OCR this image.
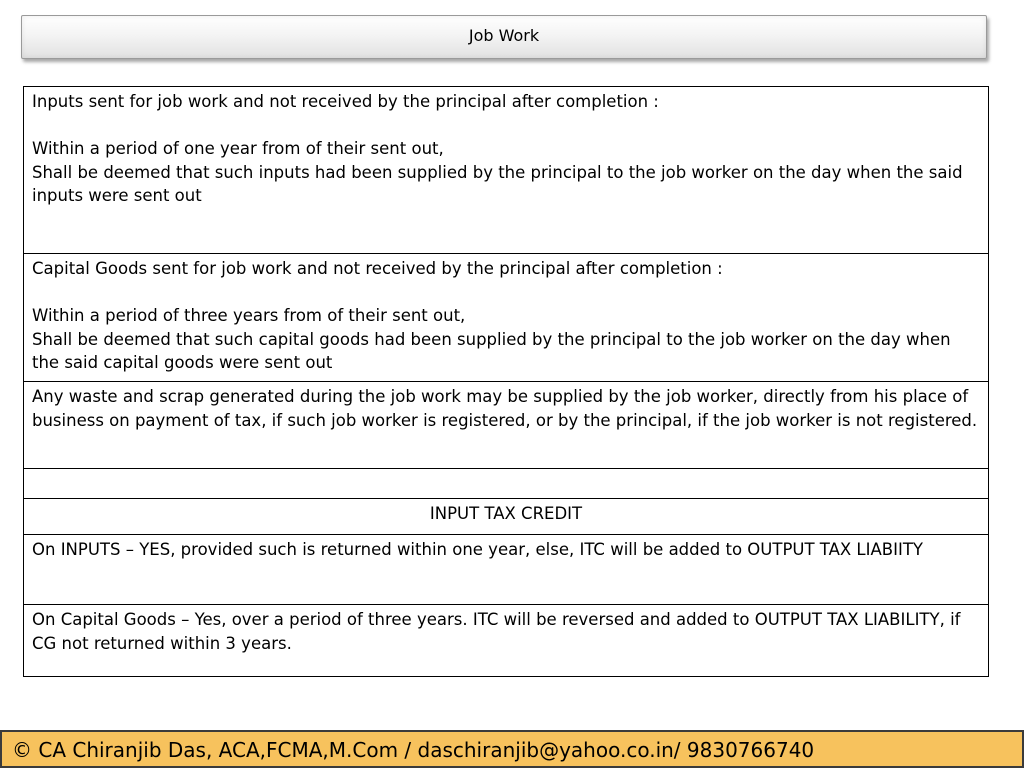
Job Work
Inputs sent for job work and not received by the principal after completion :
Within a period of one year from of their sent out,
Shall be deemed that such inputs had been supplied by the principal to the job worker on the day when the said inputs were sent out

Capital Goods sent for job work and not received by the principal after completion :
Within a period of three years from of their sent out,
Shall be deemed that such capital goods had been supplied by the principal to the job worker on the day when the said capital goods were sent out

Any waste and scrap generated during the job work may be supplied by the job worker, directly from his place of business on payment of tax, if such job worker is registered, or by the principal, if the job worker is not registered.

INPUT TAX CREDIT

On INPUTS – YES, provided such is returned within one year, else, ITC will be added to OUTPUT TAX LIABIITY

On Capital Goods – Yes, over a period of three years. ITC will be reversed and added to OUTPUT TAX LIABILITY, if CG not returned within 3 years.
© CA Chiranjib Das, ACA,FCMA,M.Com / daschiranjib@yahoo.co.in/ 9830766740
